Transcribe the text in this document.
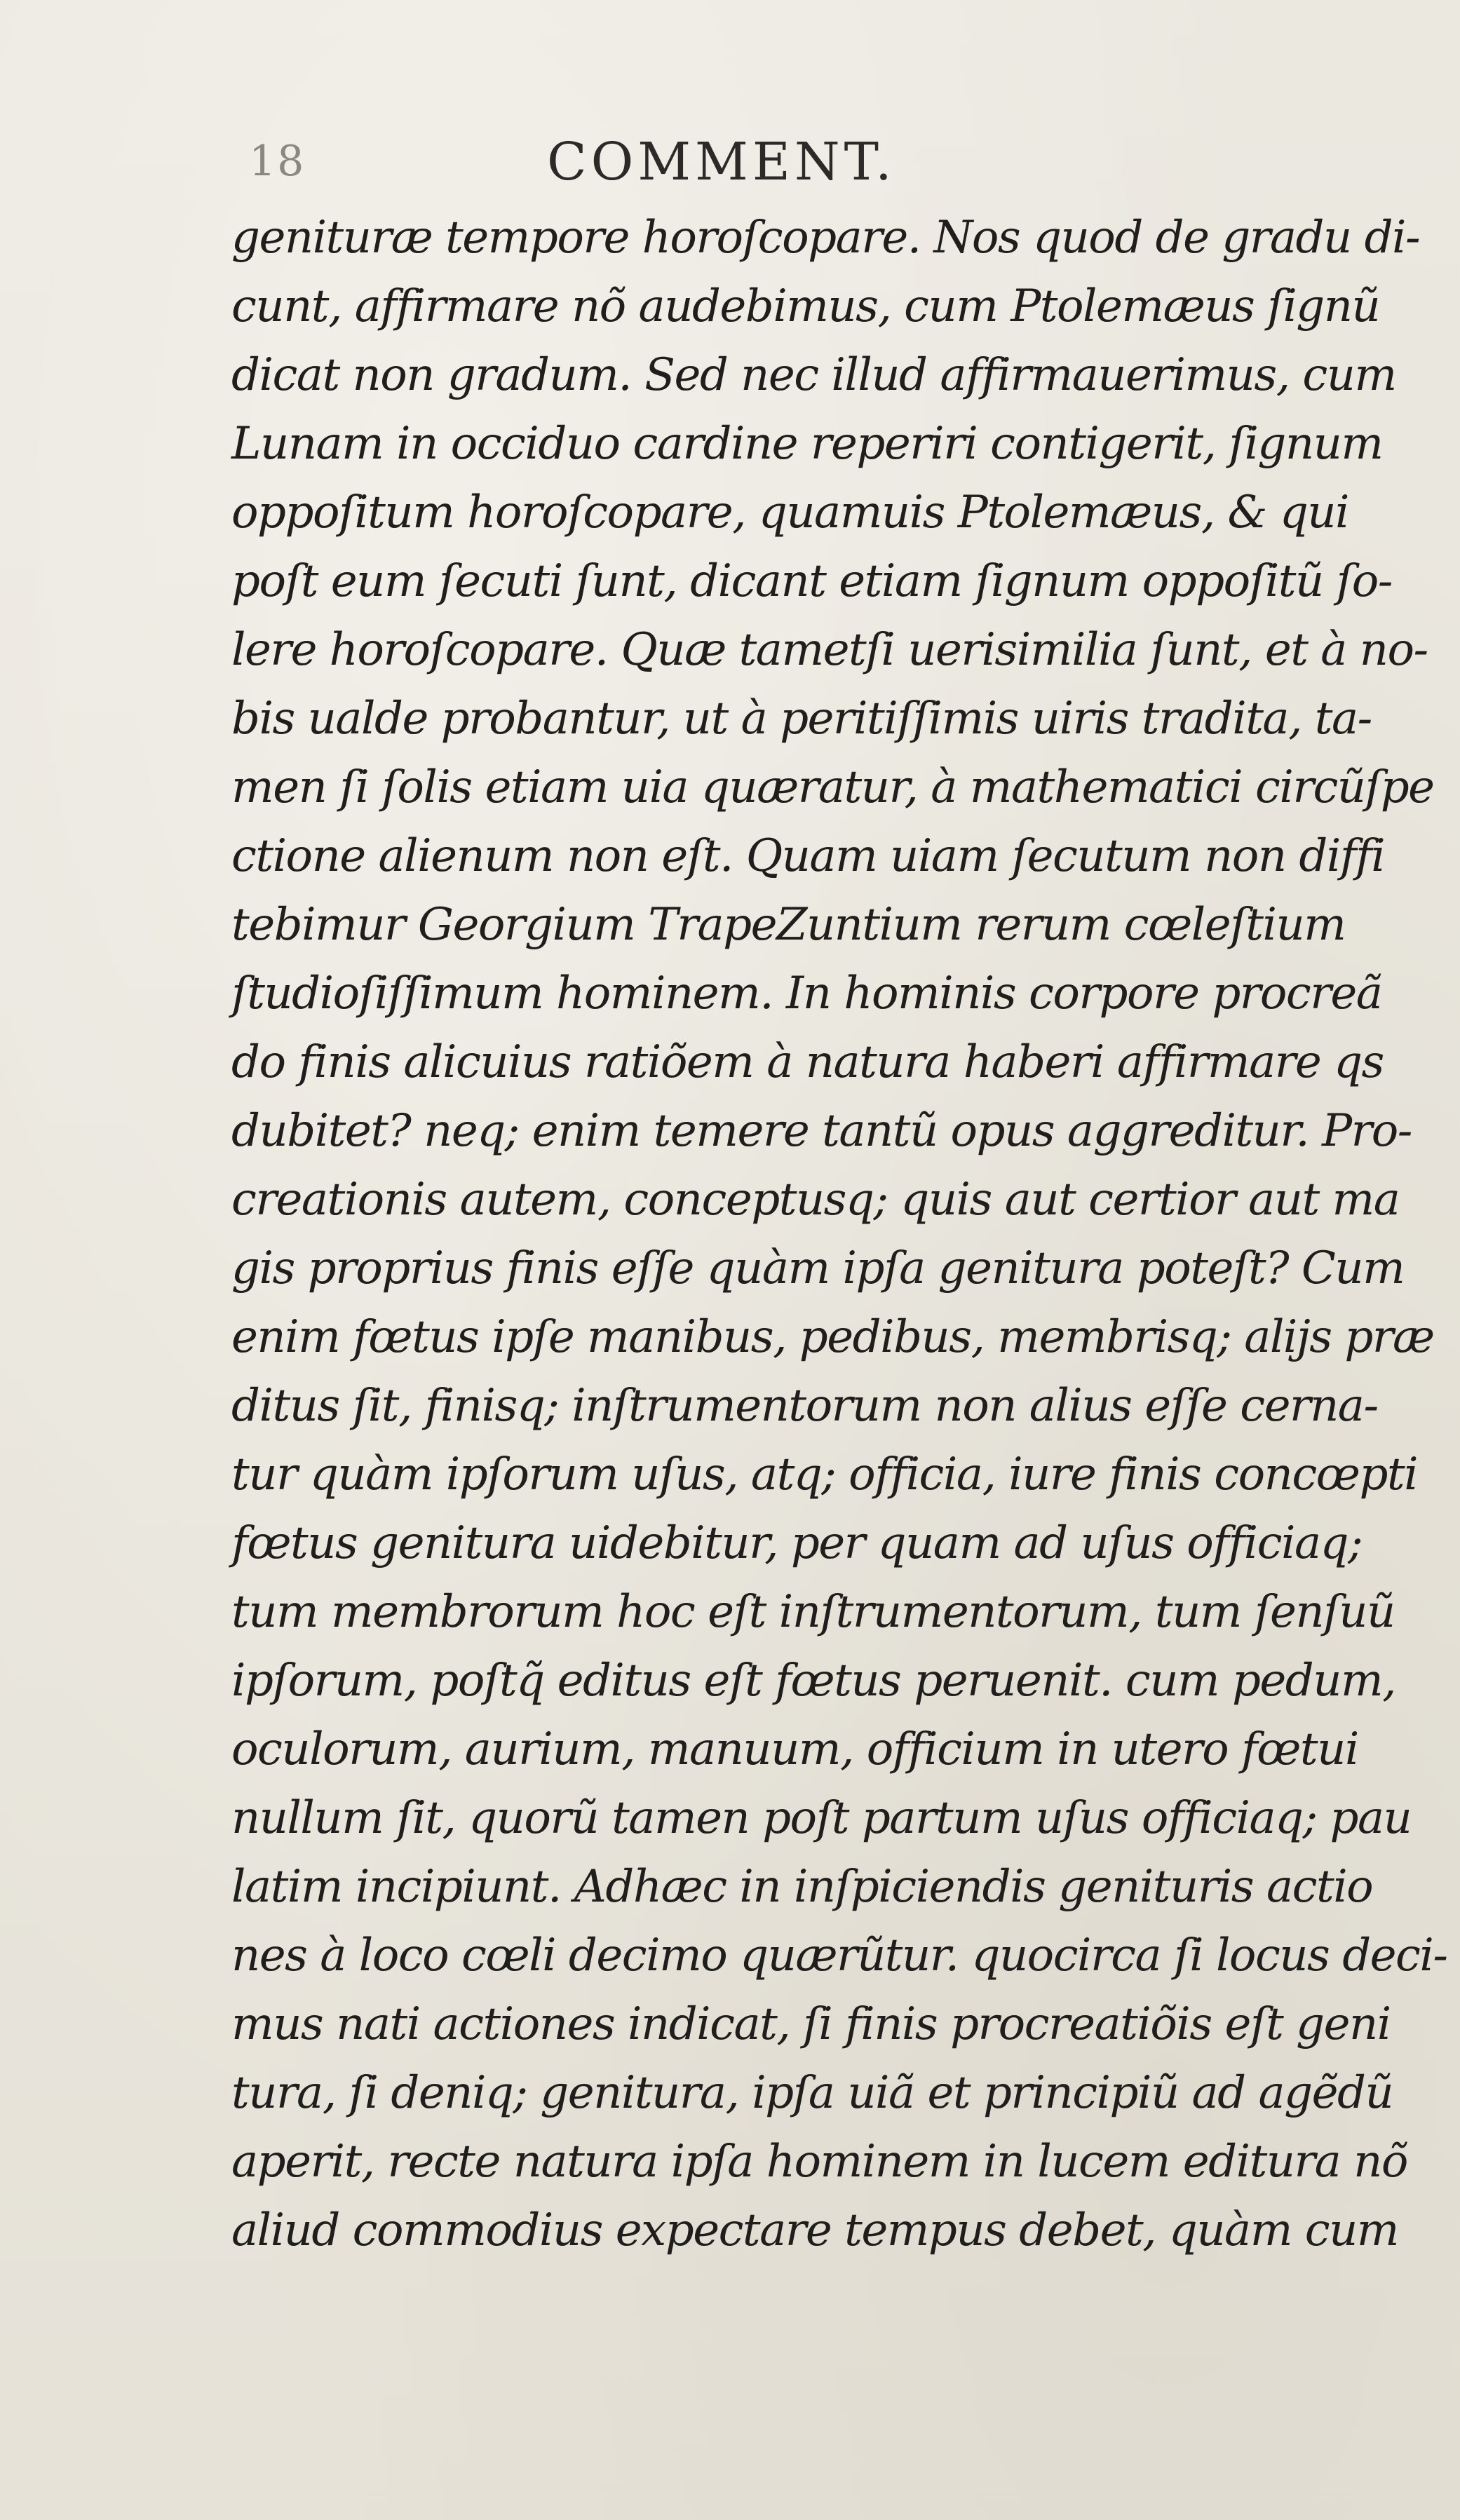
18	COMMENT.
genituræ tempore horoſcopare. Nos quod de gradu di-
cunt, affirmare nõ audebimus, cum Ptolemæus ſignũ
dicat non gradum. Sed nec illud affirmauerimus, cum
Lunam in occiduo cardine reperiri contigerit, ſignum
oppoſitum horoſcopare, quamuis Ptolemæus, & qui
poſt eum ſecuti ſunt, dicant etiam ſignum oppoſitũ ſo-
lere horoſcopare. Quæ tametſi uerisimilia ſunt, et à no-
bis ualde probantur, ut à peritiſſimis uiris tradita, ta-
men ſi ſolis etiam uia quæratur, à mathematici circũſpe
ctione alienum non eſt. Quam uiam ſecutum non diffi
tebimur Georgium TrapeZuntium rerum cœleſtium
ſtudioſiſſimum hominem. In hominis corpore procreã
do finis alicuius ratiõem à natura haberi affirmare qs
dubitet? neq; enim temere tantũ opus aggreditur. Pro-
creationis autem, conceptusq; quis aut certior aut ma
gis proprius finis eſſe quàm ipſa genitura poteſt? Cum
enim fœtus ipſe manibus, pedibus, membrisq; alijs præ
ditus ſit, finisq; inſtrumentorum non alius eſſe cerna-
tur quàm ipſorum uſus, atq; officia, iure finis concœpti
fœtus genitura uidebitur, per quam ad uſus officiaq;
tum membrorum hoc eſt inſtrumentorum, tum ſenſuũ
ipſorum, poſtq̃ editus eſt fœtus peruenit. cum pedum,
oculorum, aurium, manuum, officium in utero fœtui
nullum ſit, quorũ tamen poſt partum uſus officiaq; pau
latim incipiunt. Adhæc in inſpiciendis genituris actio
nes à loco cœli decimo quærũtur. quocirca ſi locus deci-
mus nati actiones indicat, ſi finis procreatiõis eſt geni
tura, ſi deniq; genitura, ipſa uiã et principiũ ad agẽdũ
aperit, recte natura ipſa hominem in lucem editura nõ
aliud commodius expectare tempus debet, quàm cum
